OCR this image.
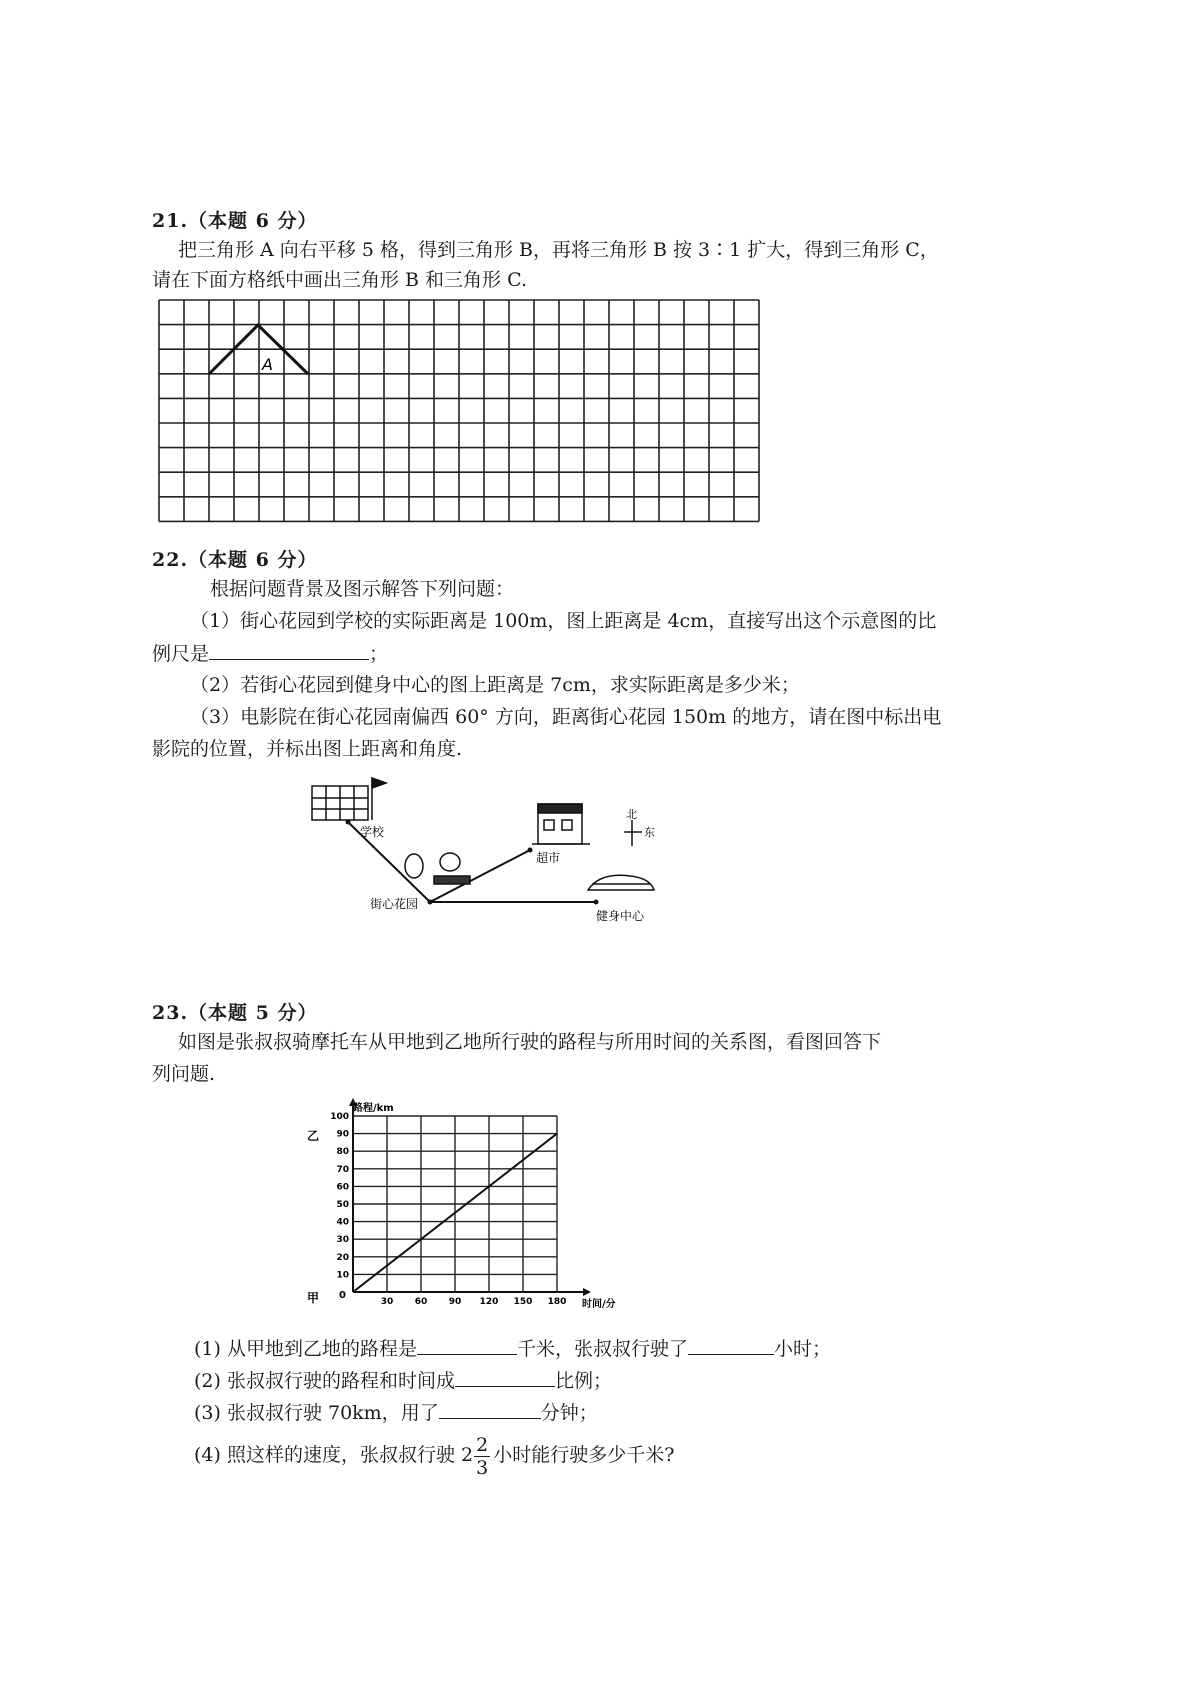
21.（本题 6 分）
把三角形 A 向右平移 5 格，得到三角形 B，再将三角形 B 按 3∶1 扩大，得到三角形 C，
请在下面方格纸中画出三角形 B 和三角形 C.
A
22.（本题 6 分）
根据问题背景及图示解答下列问题：
（1）街心花园到学校的实际距离是 100m，图上距离是 4cm，直接写出这个示意图的比
例尺是	；
（2）若街心花园到健身中心的图上距离是 7cm，求实际距离是多少米；
（3）电影院在街心花园南偏西 60° 方向，距离街心花园 150m 的地方，请在图中标出电
影院的位置，并标出图上距离和角度.
北
东
学校
超市
街心花园
健身中心
23.（本题 5 分）
如图是张叔叔骑摩托车从甲地到乙地所行驶的路程与所用时间的关系图，看图回答下
列问题.
30 60 90 120 150 180
10
20
30
40
50
60
70
80
90
100
路程/km
时间/分
0
甲
乙
(1) 从甲地到乙地的路程是	千米，张叔叔行驶了	小时；
(2) 张叔叔行驶的路程和时间成	比例；
(3) 张叔叔行驶 70km，用了	分钟；
(4) 照这样的速度，张叔叔行驶 $2 \frac{2}{3}$ 小时能行驶多少千米?
